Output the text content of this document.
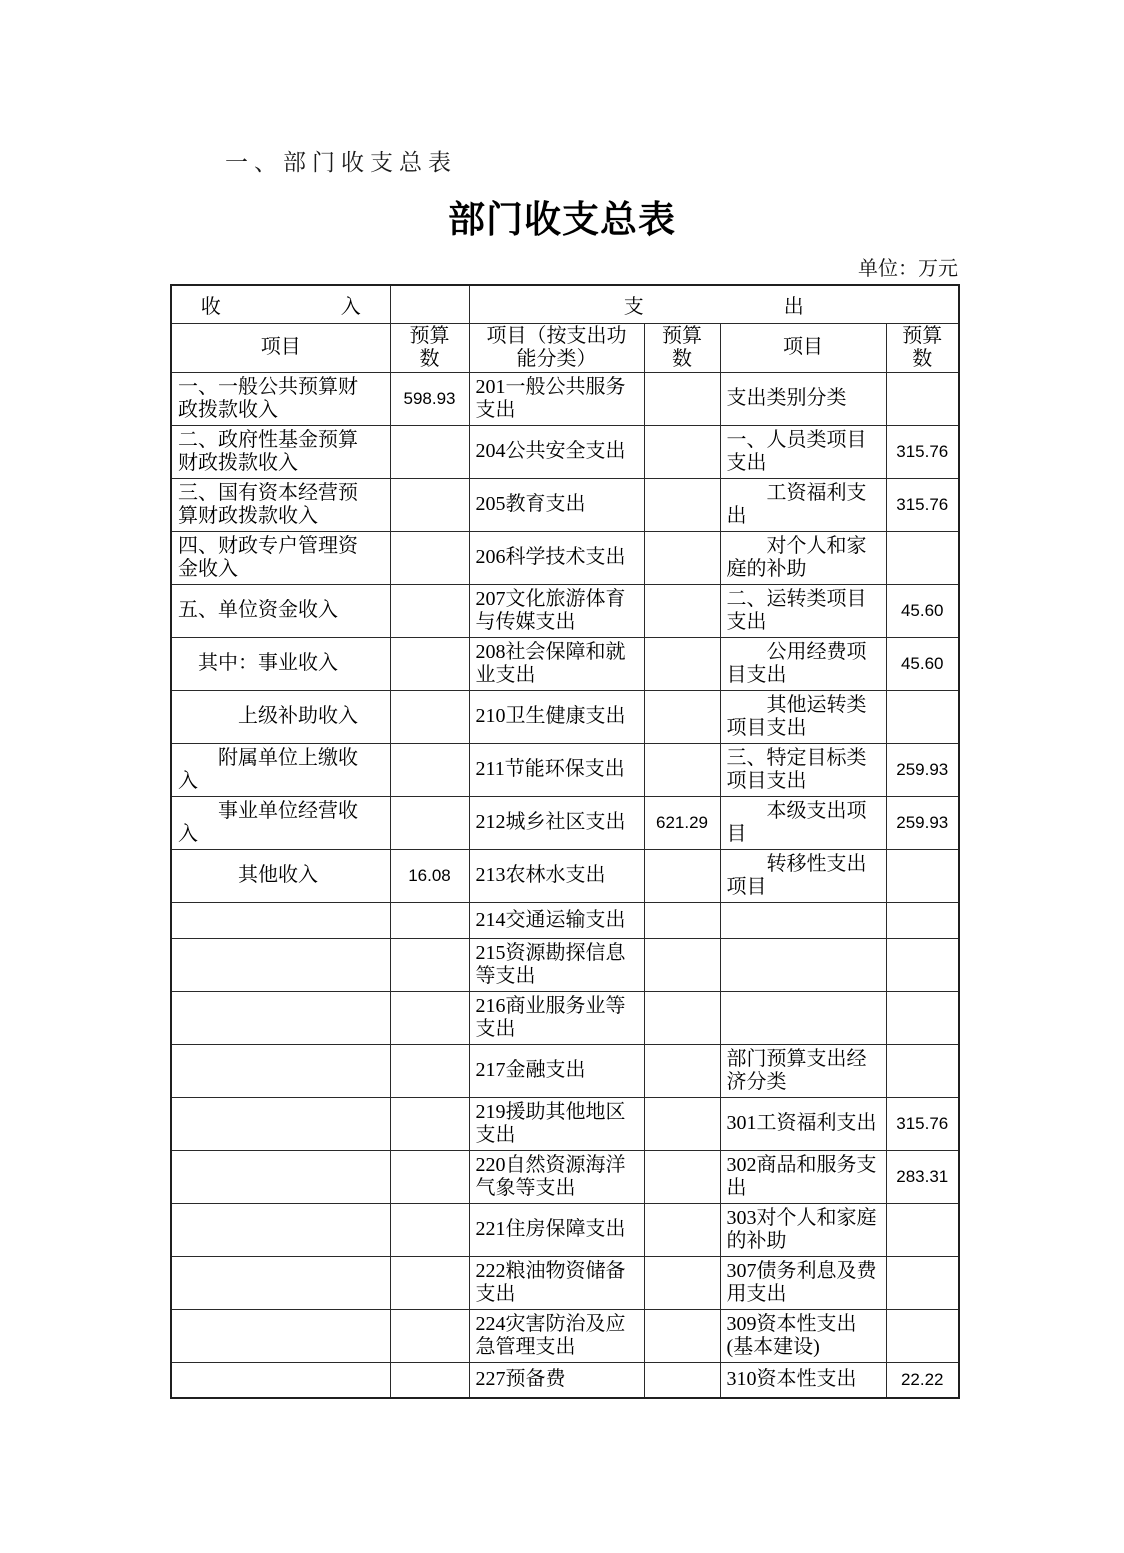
一、部门收支总表
部门收支总表
单位：万元
收　　　　　　入		支　　　　　　　出			
项目	预算数	项目（按支出功能分类）	预算数	项目	预算数
一、一般公共预算财政拨款收入	598.93	201一般公共服务支出		支出类别分类	
二、政府性基金预算财政拨款收入		204公共安全支出		一、人员类项目支出	315.76
三、国有资本经营预算财政拨款收入		205教育支出		　　工资福利支出	315.76
四、财政专户管理资金收入		206科学技术支出		　　对个人和家庭的补助	
五、单位资金收入		207文化旅游体育与传媒支出		二、运转类项目支出	45.60
　其中：事业收入		208社会保障和就业支出		　　公用经费项目支出	45.60
　　　上级补助收入		210卫生健康支出		　　其他运转类项目支出	
　　附属单位上缴收入		211节能环保支出		三、特定目标类项目支出	259.93
　　事业单位经营收入		212城乡社区支出	621.29	　　本级支出项目	259.93
　　　其他收入	16.08	213农林水支出		　　转移性支出项目	
		214交通运输支出			
		215资源勘探信息等支出			
		216商业服务业等支出			
		217金融支出		部门预算支出经济分类	
		219援助其他地区支出		301工资福利支出	315.76
		220自然资源海洋气象等支出		302商品和服务支出	283.31
		221住房保障支出		303对个人和家庭的补助	
		222粮油物资储备支出		307债务利息及费用支出	
		224灾害防治及应急管理支出		309资本性支出(基本建设)	
		227预备费		310资本性支出	22.22
